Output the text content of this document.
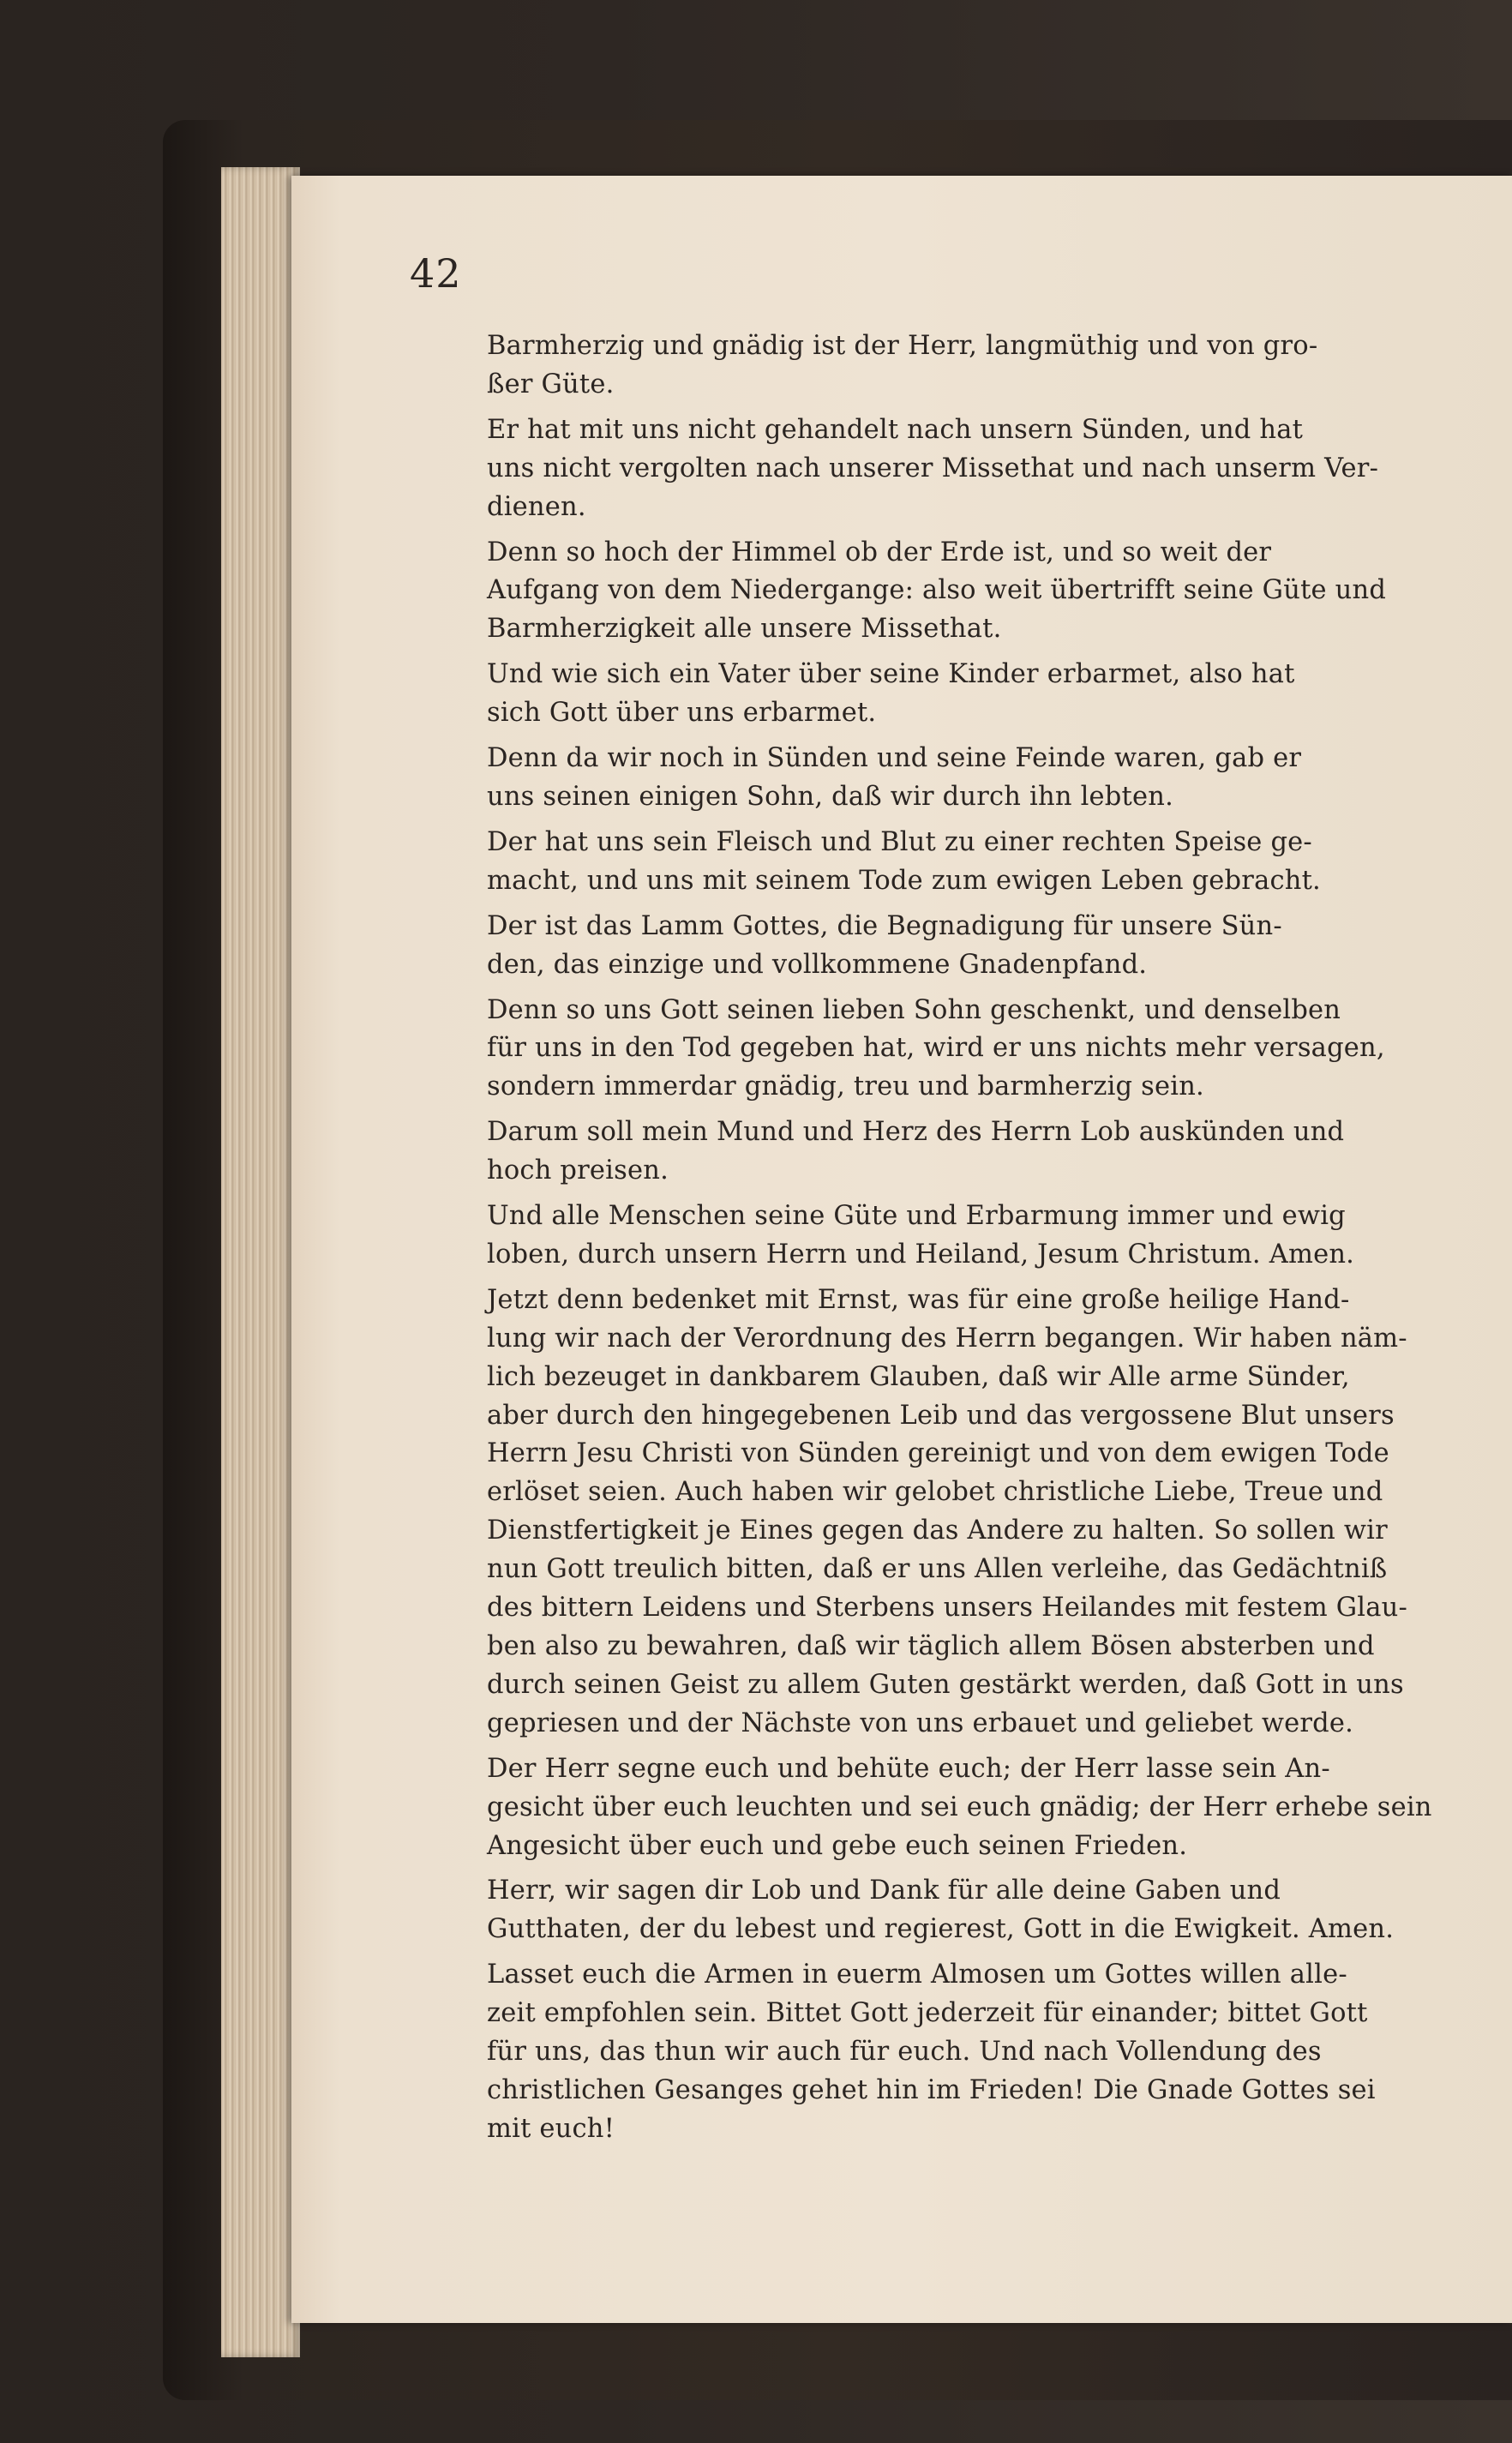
42
Barmherzig und gnädig ist der Herr, langmüthig und von gro-
ßer Güte.
Er hat mit uns nicht gehandelt nach unsern Sünden, und hat
uns nicht vergolten nach unserer Missethat und nach unserm Ver-
dienen.
Denn so hoch der Himmel ob der Erde ist, und so weit der
Aufgang von dem Niedergange: also weit übertrifft seine Güte und
Barmherzigkeit alle unsere Missethat.
Und wie sich ein Vater über seine Kinder erbarmet, also hat
sich Gott über uns erbarmet.
Denn da wir noch in Sünden und seine Feinde waren, gab er
uns seinen einigen Sohn, daß wir durch ihn lebten.
Der hat uns sein Fleisch und Blut zu einer rechten Speise ge-
macht, und uns mit seinem Tode zum ewigen Leben gebracht.
Der ist das Lamm Gottes, die Begnadigung für unsere Sün-
den, das einzige und vollkommene Gnadenpfand.
Denn so uns Gott seinen lieben Sohn geschenkt, und denselben
für uns in den Tod gegeben hat, wird er uns nichts mehr versagen,
sondern immerdar gnädig, treu und barmherzig sein.
Darum soll mein Mund und Herz des Herrn Lob auskünden und
hoch preisen.
Und alle Menschen seine Güte und Erbarmung immer und ewig
loben, durch unsern Herrn und Heiland, Jesum Christum. Amen.
Jetzt denn bedenket mit Ernst, was für eine große heilige Hand-
lung wir nach der Verordnung des Herrn begangen. Wir haben näm-
lich bezeuget in dankbarem Glauben, daß wir Alle arme Sünder,
aber durch den hingegebenen Leib und das vergossene Blut unsers
Herrn Jesu Christi von Sünden gereinigt und von dem ewigen Tode
erlöset seien. Auch haben wir gelobet christliche Liebe, Treue und
Dienstfertigkeit je Eines gegen das Andere zu halten. So sollen wir
nun Gott treulich bitten, daß er uns Allen verleihe, das Gedächtniß
des bittern Leidens und Sterbens unsers Heilandes mit festem Glau-
ben also zu bewahren, daß wir täglich allem Bösen absterben und
durch seinen Geist zu allem Guten gestärkt werden, daß Gott in uns
gepriesen und der Nächste von uns erbauet und geliebet werde.
Der Herr segne euch und behüte euch; der Herr lasse sein An-
gesicht über euch leuchten und sei euch gnädig; der Herr erhebe sein
Angesicht über euch und gebe euch seinen Frieden.
Herr, wir sagen dir Lob und Dank für alle deine Gaben und
Gutthaten, der du lebest und regierest, Gott in die Ewigkeit. Amen.
Lasset euch die Armen in euerm Almosen um Gottes willen alle-
zeit empfohlen sein. Bittet Gott jederzeit für einander; bittet Gott
für uns, das thun wir auch für euch. Und nach Vollendung des
christlichen Gesanges gehet hin im Frieden! Die Gnade Gottes sei
mit euch!
